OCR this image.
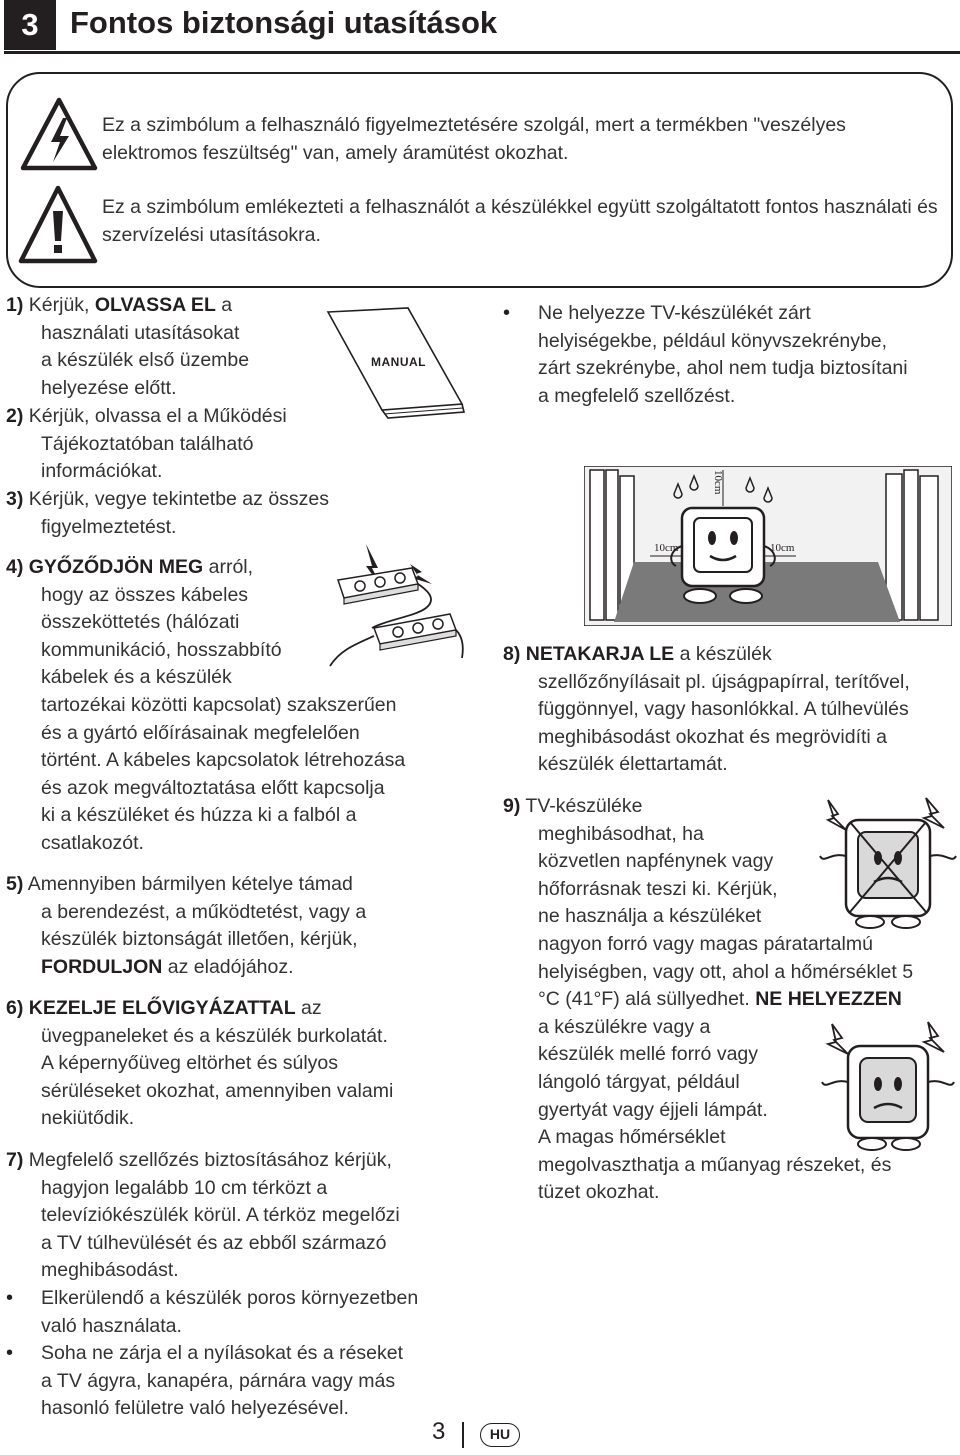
3	Fontos biztonsági utasítások
Ez a szimbólum a felhasználó figyelmeztetésére szolgál, mert a termékben "veszélyes elektromos feszültség" van, amely áramütést okozhat.
Ez a szimbólum emlékezteti a felhasználót a készülékkel együtt szolgáltatott fontos használati és szervízelési utasításokra.
1) Kérjük, OLVASSA EL a
használati utasításokat
a készülék első üzembe
helyezése előtt.
MANUAL
2) Kérjük, olvassa el a Működési
Tájékoztatóban található
információkat.
3) Kérjük, vegye tekintetbe az összes
figyelmeztetést.
4) GYŐZŐDJÖN MEG arról,
hogy az összes kábeles
összeköttetés (hálózati
kommunikáció, hosszabbító
kábelek és a készülék
tartozékai közötti kapcsolat) szakszerűen
és a gyártó előírásainak megfelelően
történt. A kábeles kapcsolatok létrehozása
és azok megváltoztatása előtt kapcsolja
ki a készüléket és húzza ki a falból a
csatlakozót.
5) Amennyiben bármilyen kételye támad
a berendezést, a működtetést, vagy a
készülék biztonságát illetően, kérjük,
FORDULJON az eladójához.
6) KEZELJE ELŐVIGYÁZATTAL az
üvegpaneleket és a készülék burkolatát.
A képernyőüveg eltörhet és súlyos
sérüléseket okozhat, amennyiben valami
nekiütődik.
7) Megfelelő szellőzés biztosításához kérjük,
hagyjon legalább 10 cm térközt a
televíziókészülék körül. A térköz megelőzi
a TV túlhevülését és az ebből származó
meghibásodást.
•	Elkerülendő a készülék poros környezetben
való használata.
•	Soha ne zárja el a nyílásokat és a réseket
a TV ágyra, kanapéra, párnára vagy más
hasonló felületre való helyezésével.
•	Ne helyezze TV-készülékét zárt
helyiségekbe, például könyvszekrénybe,
zárt szekrénybe, ahol nem tudja biztosítani
a megfelelő szellőzést.
10cm
10cm	10cm
8) NETAKARJA LE a készülék
szellőzőnyílásait pl. újságpapírral, terítővel,
függönnyel, vagy hasonlókkal. A túlhevülés
meghibásodást okozhat és megrövidíti a
készülék élettartamát.
9) TV-készüléke
meghibásodhat, ha
közvetlen napfénynek vagy
hőforrásnak teszi ki. Kérjük,
ne használja a készüléket
nagyon forró vagy magas páratartalmú
helyiségben, vagy ott, ahol a hőmérséklet 5
°C (41°F) alá süllyedhet. NE HELYEZZEN
a készülékre vagy a
készülék mellé forró vagy
lángoló tárgyat, például
gyertyát vagy éjjeli lámpát.
A magas hőmérséklet
megolvaszthatja a műanyag részeket, és
tüzet okozhat.
3	HU
